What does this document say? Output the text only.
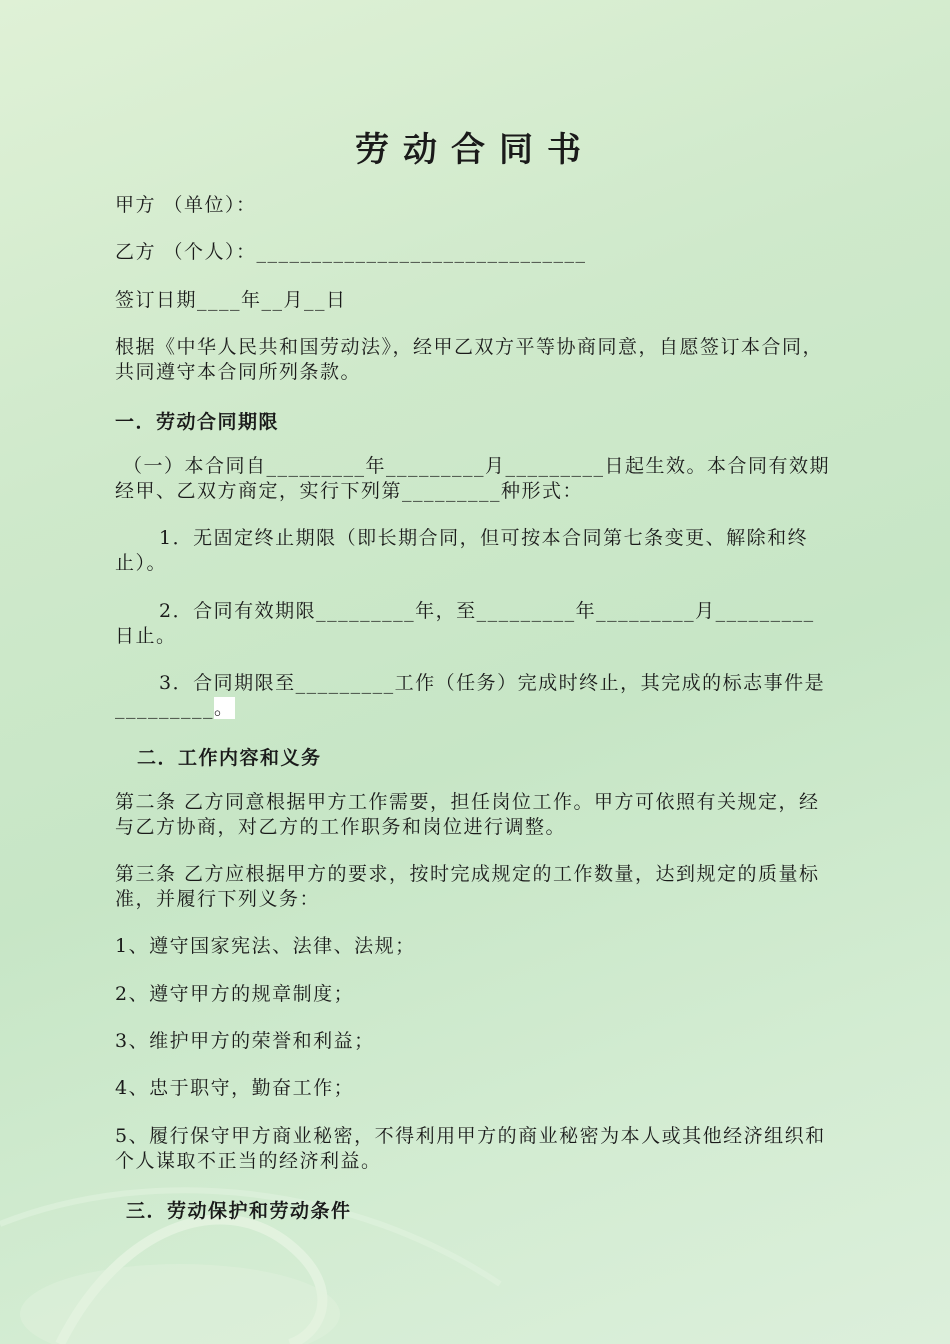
劳动合同书
甲方 （单位）：
乙方 （个人）：______________________________
签订日期____年__月__日
根据《中华人民共和国劳动法》，经甲乙双方平等协商同意，自愿签订本合同，共同遵守本合同所列条款。
一．劳动合同期限
（一）本合同自_________年_________月_________日起生效。本合同有效期经甲、乙双方商定，实行下列第_________种形式：
1．无固定终止期限（即长期合同，但可按本合同第七条变更、解除和终止）。
2．合同有效期限_________年，至_________年_________月_________日止。
3．合同期限至_________工作（任务）完成时终止，其完成的标志事件是_________。
二．工作内容和义务
第二条 乙方同意根据甲方工作需要，担任岗位工作。甲方可依照有关规定，经与乙方协商，对乙方的工作职务和岗位进行调整。
第三条 乙方应根据甲方的要求，按时完成规定的工作数量，达到规定的质量标准，并履行下列义务：
1、遵守国家宪法、法律、法规；
2、遵守甲方的规章制度；
3、维护甲方的荣誉和利益；
4、忠于职守，勤奋工作；
5、履行保守甲方商业秘密，不得利用甲方的商业秘密为本人或其他经济组织和个人谋取不正当的经济利益。
三．劳动保护和劳动条件
